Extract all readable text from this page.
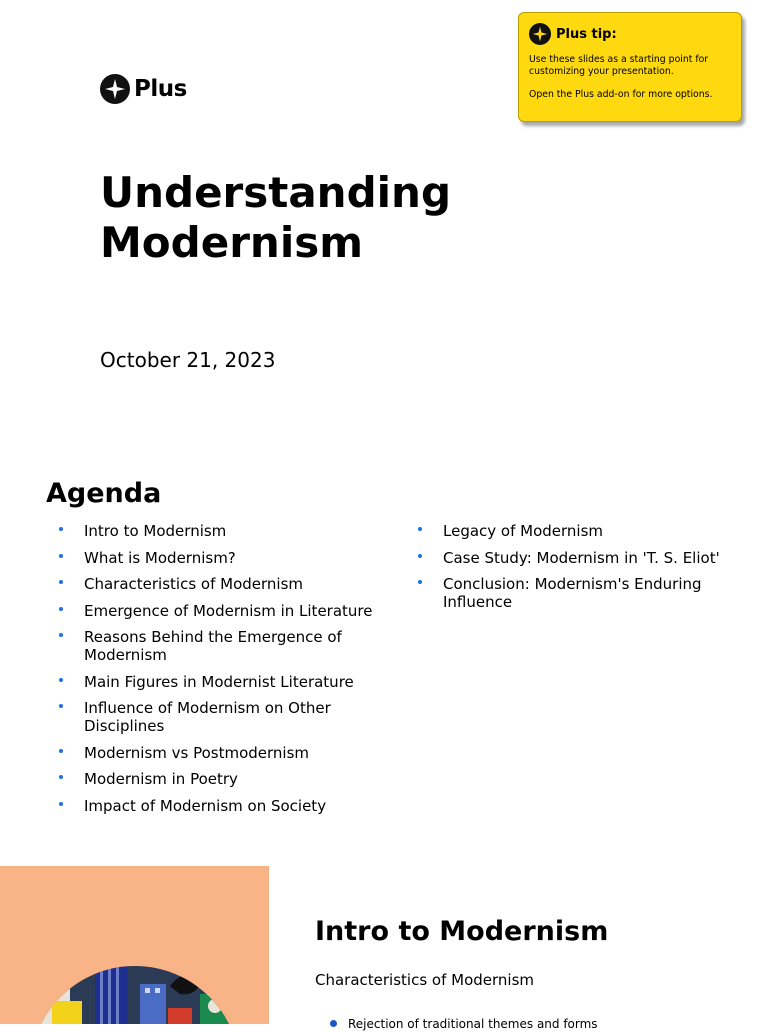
Plus
Understanding Modernism
October 21, 2023
Plus tip:

Use these slides as a starting point for customizing your presentation.

Open the Plus add-on for more options.

Agenda
Intro to Modernism
What is Modernism?
Characteristics of Modernism
Emergence of Modernism in Literature
Reasons Behind the Emergence of Modernism
Main Figures in Modernist Literature
Influence of Modernism on Other Disciplines
Modernism vs Postmodernism
Modernism in Poetry
Impact of Modernism on Society
Legacy of Modernism
Case Study: Modernism in 'T. S. Eliot'
Conclusion: Modernism's Enduring Influence
Intro to Modernism
Characteristics of Modernism
Rejection of traditional themes and forms
